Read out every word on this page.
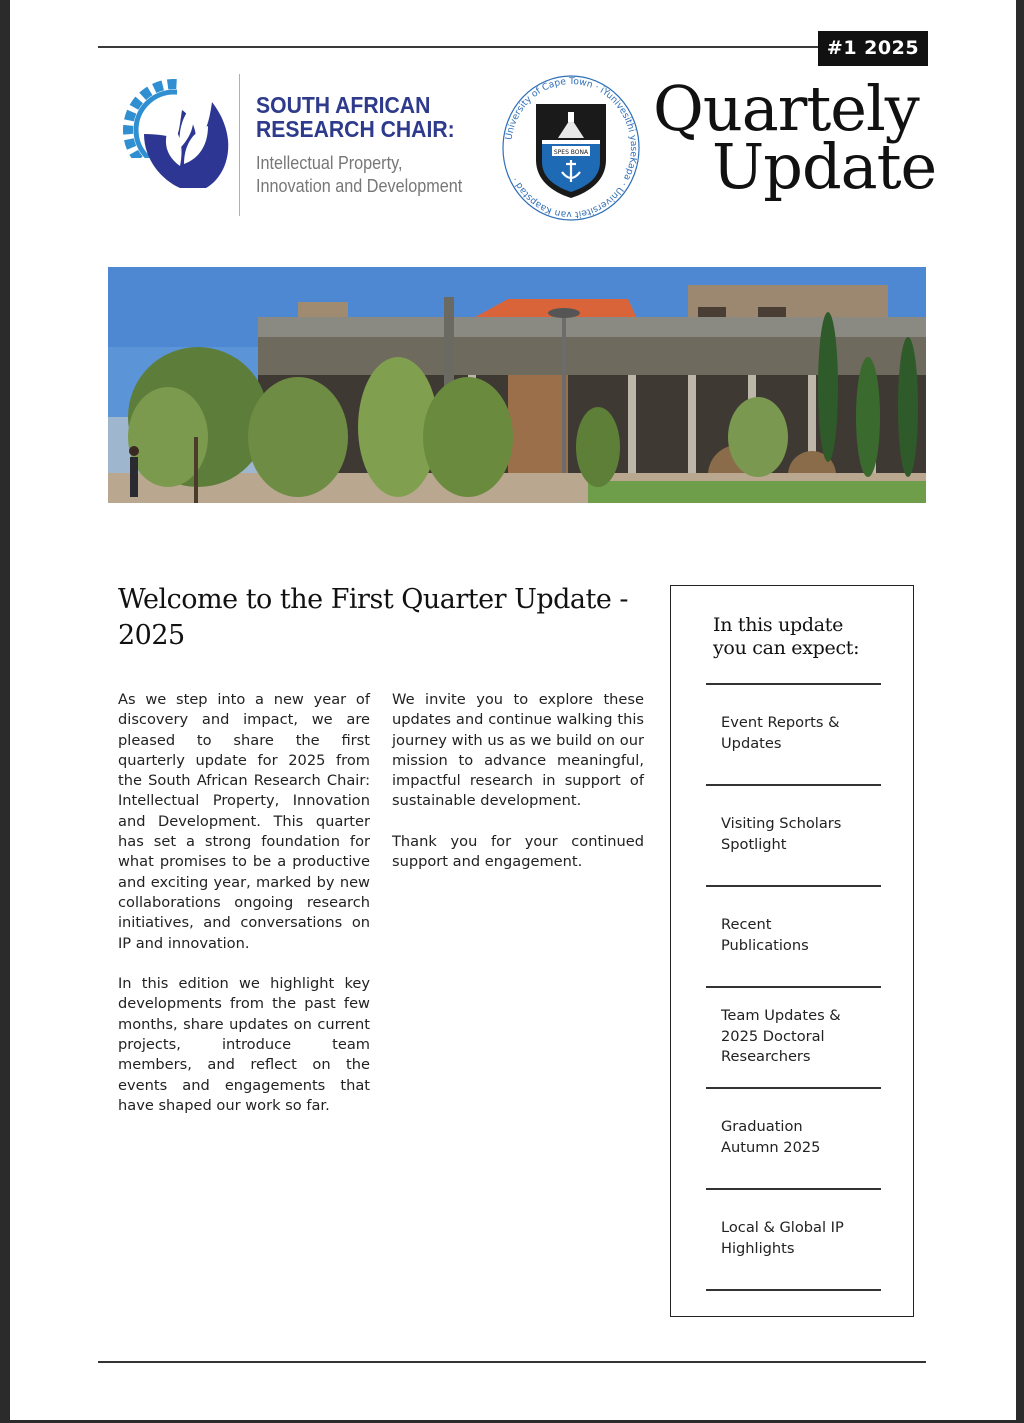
#1 2025
SOUTH AFRICAN
RESEARCH CHAIR:
Intellectual Property,
Innovation and Development
University of Cape Town · iYunivesithi yaseKapa · Universiteit van Kaapstad ·
SPES BONA
Quartely
Update
Welcome to the First Quarter Update - 2025

As we step into a new year of discovery and impact, we are pleased to share the first quarterly update for 2025 from the South African Research Chair: Intellectual Property, Innovation and Development. This quarter has set a strong foundation for what promises to be a productive and exciting year, marked by new collaborations ongoing research initiatives, and conversations on IP and innovation.

In this edition we highlight key developments from the past few months, share updates on current projects, introduce team members, and reflect on the events and engagements that have shaped our work so far.

We invite you to explore these updates and continue walking this journey with us as we build on our mission to advance meaningful, impactful research in support of sustainable development.

Thank you for your continued support and engagement.

In this update
you can expect:
Event Reports &
Updates
Visiting Scholars
Spotlight
Recent
Publications
Team Updates &
2025 Doctoral
Researchers
Graduation
Autumn 2025
Local & Global IP
Highlights
